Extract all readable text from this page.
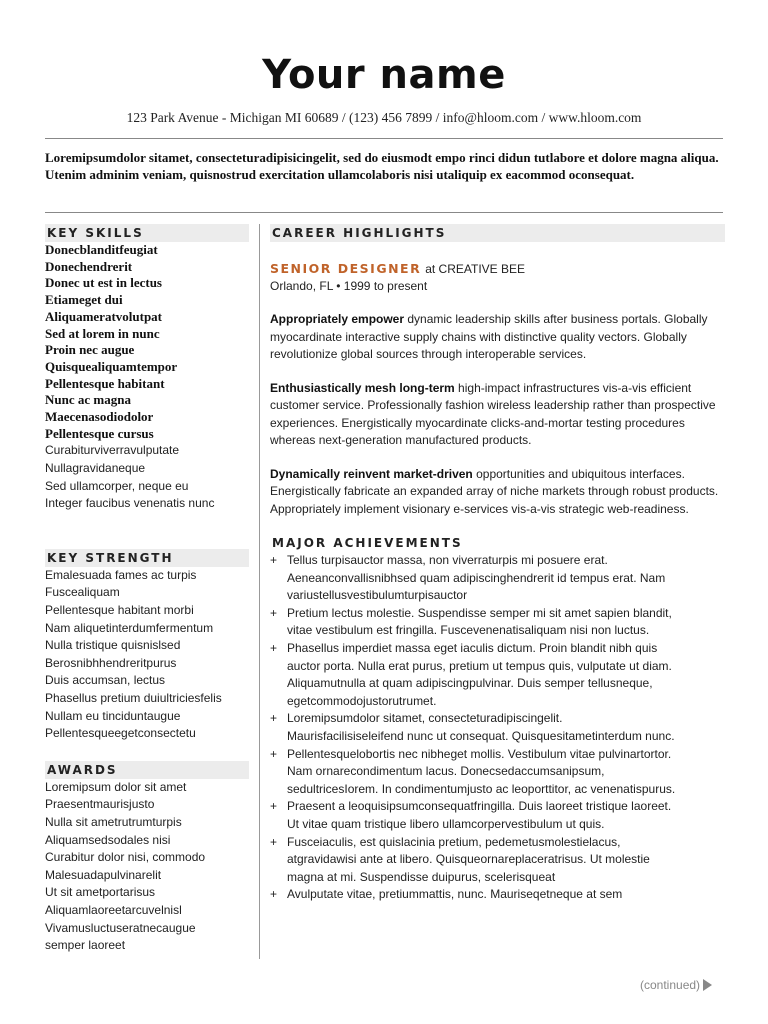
Your name
123 Park Avenue - Michigan MI 60689 / (123) 456 7899 / info@hloom.com / www.hloom.com
Loremipsumdolor sitamet, consecteturadipisicingelit, sed do eiusmodt empo rinci didun tutlabore et dolore magna aliqua. Utenim adminim veniam, quisnostrud exercitation ullamcolaboris nisi utaliquip ex eacommod oconsequat.
KEY SKILLS
Donecblanditfeugiat
Donechendrerit
Donec ut est in lectus
Etiameget dui
Aliquameratvolutpat
Sed at lorem in nunc
Proin nec augue
Quisquealiquamtempor
Pellentesque habitant
Nunc ac magna
Maecenasodiodolor
Pellentesque cursus
Curabiturviverravulputate
Nullagravidaneque
Sed ullamcorper, neque eu
Integer faucibus venenatis nunc
KEY STRENGTH
Emalesuada fames ac turpis
Fuscealiquam
Pellentesque habitant morbi
Nam aliquetinterdumfermentum
Nulla tristique quisnislsed
Berosnibhhendreritpurus
Duis accumsan, lectus
Phasellus pretium duiultriciesfelis
Nullam eu tinciduntaugue
Pellentesqueegetconsectetu
AWARDS
Loremipsum dolor sit amet
Praesentmaurisjusto
Nulla sit ametrutrumturpis
Aliquamsedsodales nisi
Curabitur dolor nisi, commodo
Malesuadapulvinarelit
Ut sit ametportarisus
Aliquamlaoreetarcuvelnisl
Vivamusluctuseratnecaugue
semper laoreet
CAREER HIGHLIGHTS
SENIOR DESIGNER at CREATIVE BEE
Orlando, FL • 1999 to present
Appropriately empower dynamic leadership skills after business portals. Globally myocardinate interactive supply chains with distinctive quality vectors. Globally revolutionize global sources through interoperable services.
Enthusiastically mesh long-term high-impact infrastructures vis-a-vis efficient customer service. Professionally fashion wireless leadership rather than prospective experiences. Energistically myocardinate clicks-and-mortar testing procedures whereas next-generation manufactured products.
Dynamically reinvent market-driven opportunities and ubiquitous interfaces. Energistically fabricate an expanded array of niche markets through robust products. Appropriately implement visionary e-services vis-a-vis strategic web-readiness.
MAJOR ACHIEVEMENTS
+ Tellus turpisauctor massa, non viverraturpis mi posuere erat.
Aeneanconvallisnibhsed quam adipiscinghendrerit id tempus erat. Nam
variustellusvestibulumturpisauctor
+ Pretium lectus molestie. Suspendisse semper mi sit amet sapien blandit,
vitae vestibulum est fringilla. Fuscevenenatisaliquam nisi non luctus.
+ Phasellus imperdiet massa eget iaculis dictum. Proin blandit nibh quis
auctor porta. Nulla erat purus, pretium ut tempus quis, vulputate ut diam.
Aliquamutnulla at quam adipiscingpulvinar. Duis semper tellusneque,
egetcommodojustorutrumet.
+ Loremipsumdolor sitamet, consecteturadipiscingelit.
Maurisfacilisiseleifend nunc ut consequat. Quisquesitametinterdum nunc.
+ Pellentesquelobortis nec nibheget mollis. Vestibulum vitae pulvinartortor.
Nam ornarecondimentum lacus. Donecsedaccumsanipsum,
sedultricesIorem. In condimentumjusto ac leoporttitor, ac venenatispurus.
+ Praesent a leoquisipsumconsequatfringilla. Duis laoreet tristique laoreet.
Ut vitae quam tristique libero ullamcorpervestibulum ut quis.
+ Fusceiaculis, est quislacinia pretium, pedemetusmolestielacus,
atgravidawisi ante at libero. Quisqueornareplaceratrisus. Ut molestie
magna at mi. Suspendisse duipurus, scelerisqueat
+ Avulputate vitae, pretiummattis, nunc. Mauriseqetneque at sem
(continued)
